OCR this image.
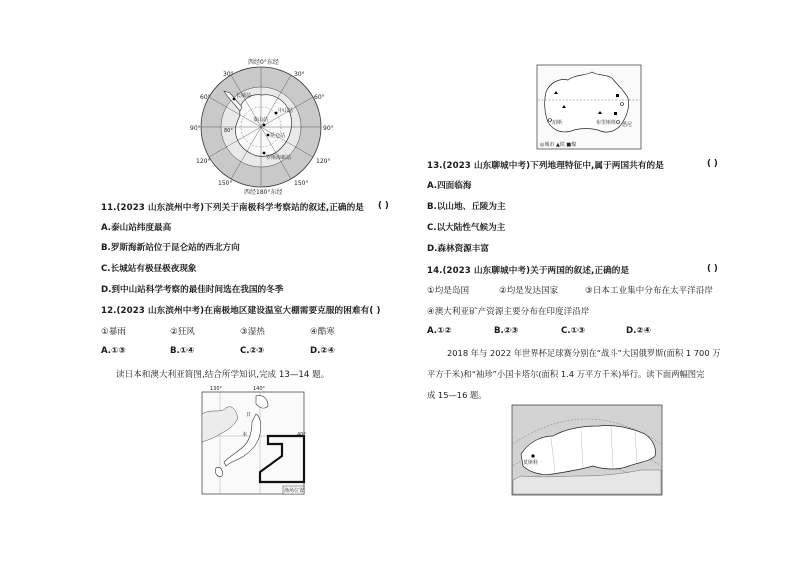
西经0°东经
西经180°东经
30°	30°
60°	60°
90°	90°
120°	120°
150°	150°
80°
长城站
中山站
泰山站
昆仑站
罗斯海新站
11.(2023 山东滨州中考)下列关于南极科学考察站的叙述,正确的是 ( )
A.泰山站纬度最高
B.罗斯海新站位于昆仑站的西北方向
C.长城站有极昼极夜现象
D.到中山站科学考察的最佳时间选在我国的冬季
12.(2023 山东滨州中考)在南极地区建设温室大棚需要克服的困难有( )
①暴雨	②狂风	③湿热	④酷寒
A.①③	B.①④	C.②③	D.②④
读日本和澳大利亚简图,结合所学知识,完成 13—14 题。
130°	140°
日
本	40°
渔场位置
珀斯	布里斯班 悉尼
◎城市 ▲铁 ■煤
13.(2023 山东聊城中考)下列地理特征中,属于两国共有的是	( )
A.四面临海
B.以山地、丘陵为主
C.以大陆性气候为主
D.森林资源丰富
14.(2023 山东聊城中考)关于两国的叙述,正确的是	( )
①均是岛国	②均是发达国家	③日本工业集中分布在太平洋沿岸
④澳大利亚矿产资源主要分布在印度洋沿岸
A.①②	B.②③	C.①③	D.②④
2018 年与 2022 年世界杯足球赛分别在“战斗”大国俄罗斯(面积 1 700 万
平方千米)和“袖珍”小国卡塔尔(面积 1.4 万平方千米)举行。读下面两幅图完
成 15—16 题。
莫斯科
